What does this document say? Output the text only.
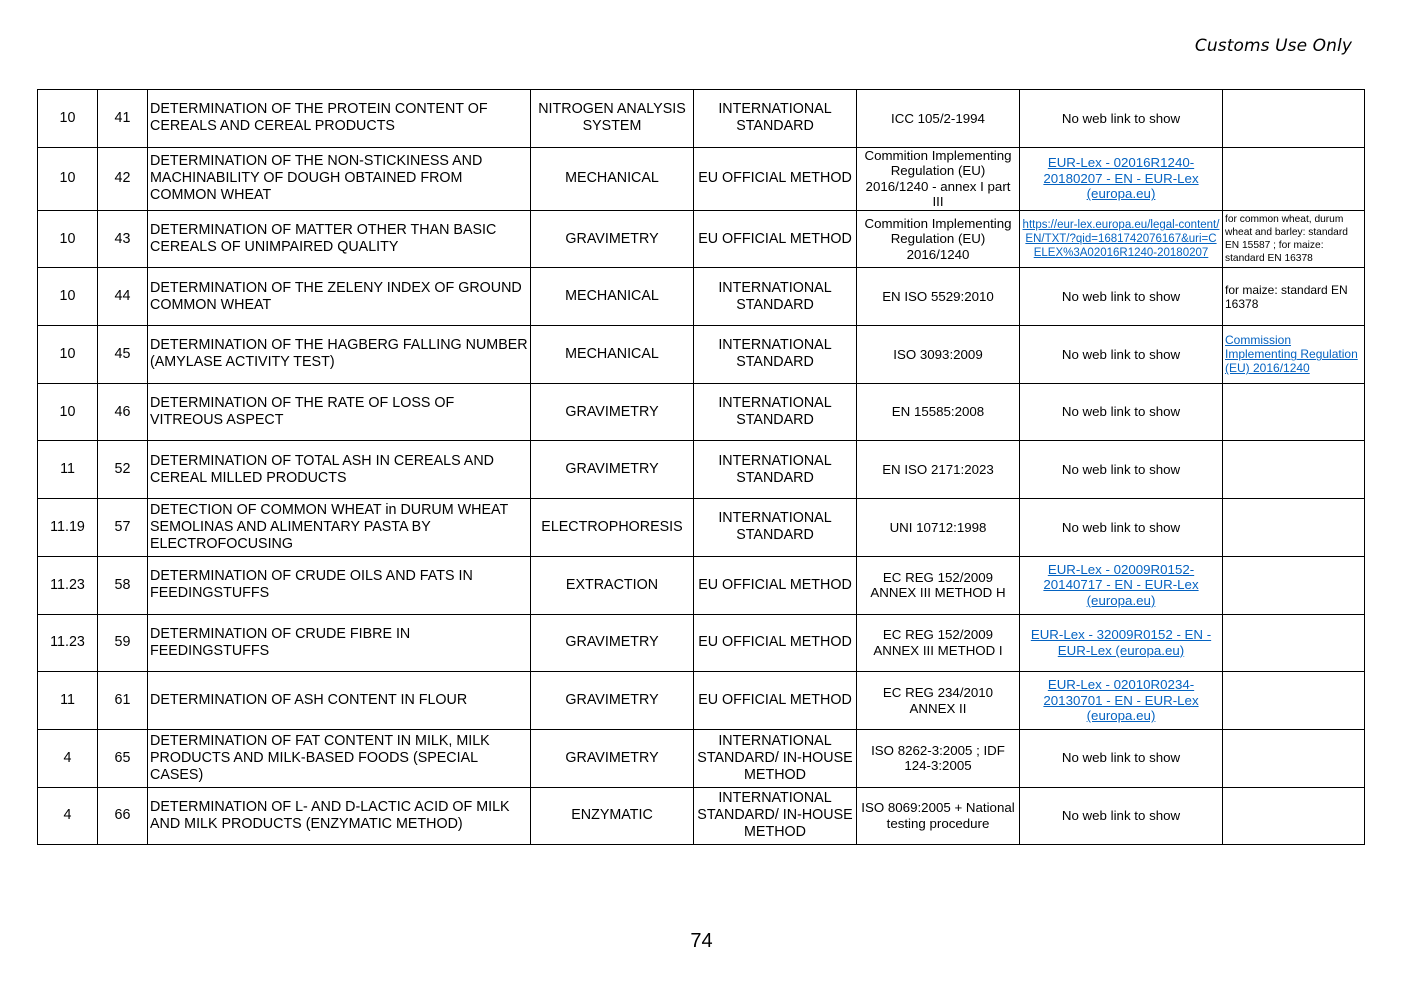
Customs Use Only
10	41	DETERMINATION OF THE PROTEIN CONTENT OF CEREALS AND CEREAL PRODUCTS	NITROGEN ANALYSIS SYSTEM	INTERNATIONAL STANDARD	ICC 105/2-1994	No web link to show	
10	42	DETERMINATION OF THE NON-STICKINESS AND MACHINABILITY OF DOUGH OBTAINED FROM COMMON WHEAT	MECHANICAL	EU OFFICIAL METHOD	Commition Implementing Regulation (EU) 2016/1240 - annex I part III	EUR-Lex - 02016R1240-20180207 - EN - EUR-Lex (europa.eu)	
10	43	DETERMINATION OF MATTER OTHER THAN BASIC CEREALS OF UNIMPAIRED QUALITY	GRAVIMETRY	EU OFFICIAL METHOD	Commition Implementing Regulation (EU) 2016/1240	https://eur-lex.europa.eu/legal-content/EN/TXT/?qid=1681742076167&uri=CELEX%3A02016R1240-20180207	for common wheat, durum wheat and barley: standard EN 15587 ; for maize: standard EN 16378
10	44	DETERMINATION OF THE ZELENY INDEX OF GROUND COMMON WHEAT	MECHANICAL	INTERNATIONAL STANDARD	EN ISO 5529:2010	No web link to show	for maize: standard EN 16378
10	45	DETERMINATION OF THE HAGBERG FALLING NUMBER (AMYLASE ACTIVITY TEST)	MECHANICAL	INTERNATIONAL STANDARD	ISO 3093:2009	No web link to show	Commission Implementing Regulation (EU) 2016/1240
10	46	DETERMINATION OF THE RATE OF LOSS OF VITREOUS ASPECT	GRAVIMETRY	INTERNATIONAL STANDARD	EN 15585:2008	No web link to show	
11	52	DETERMINATION OF TOTAL ASH IN CEREALS AND CEREAL MILLED PRODUCTS	GRAVIMETRY	INTERNATIONAL STANDARD	EN ISO 2171:2023	No web link to show	
11.19	57	DETECTION OF COMMON WHEAT in DURUM WHEAT SEMOLINAS AND ALIMENTARY PASTA BY ELECTROFOCUSING	ELECTROPHORESIS	INTERNATIONAL STANDARD	UNI 10712:1998	No web link to show	
11.23	58	DETERMINATION OF CRUDE OILS AND FATS IN FEEDINGSTUFFS	EXTRACTION	EU OFFICIAL METHOD	EC REG 152/2009 ANNEX III METHOD H	EUR-Lex - 02009R0152-20140717 - EN - EUR-Lex (europa.eu)	
11.23	59	DETERMINATION OF CRUDE FIBRE IN FEEDINGSTUFFS	GRAVIMETRY	EU OFFICIAL METHOD	EC REG 152/2009 ANNEX III METHOD I	EUR-Lex - 32009R0152 - EN - EUR-Lex (europa.eu)	
11	61	DETERMINATION OF ASH CONTENT IN FLOUR	GRAVIMETRY	EU OFFICIAL METHOD	EC REG 234/2010 ANNEX II	EUR-Lex - 02010R0234-20130701 - EN - EUR-Lex (europa.eu)	
4	65	DETERMINATION OF FAT CONTENT IN MILK, MILK PRODUCTS AND MILK-BASED FOODS (SPECIAL CASES)	GRAVIMETRY	INTERNATIONAL STANDARD/ IN-HOUSE METHOD	ISO 8262-3:2005 ; IDF 124-3:2005	No web link to show	
4	66	DETERMINATION OF L- AND D-LACTIC ACID OF MILK AND MILK PRODUCTS (ENZYMATIC METHOD)	ENZYMATIC	INTERNATIONAL STANDARD/ IN-HOUSE METHOD	ISO 8069:2005 + National testing procedure	No web link to show	
74
